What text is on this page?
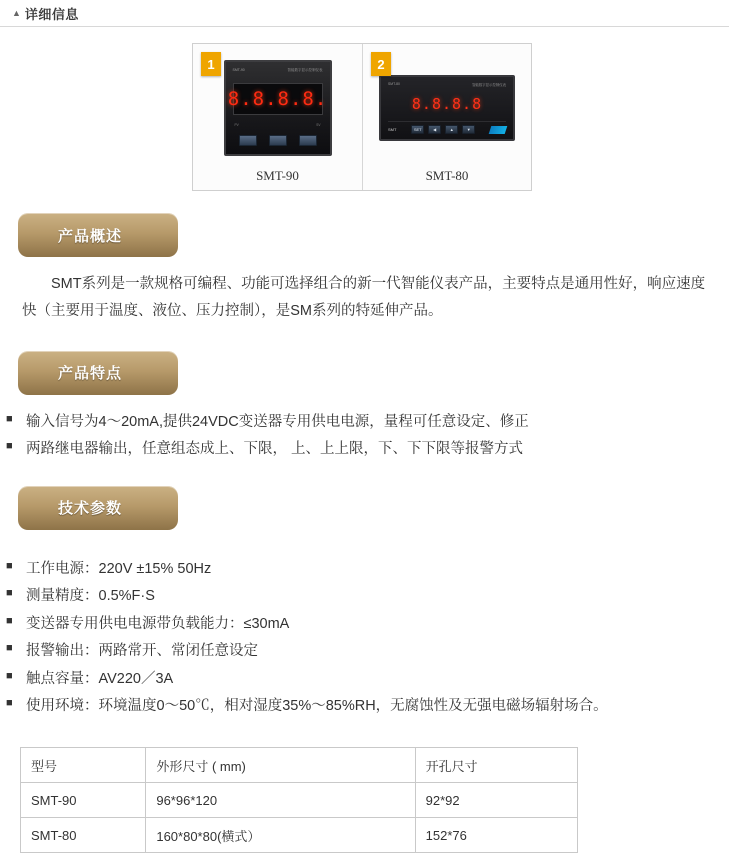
▲ 详细信息
1	2
SMT-90	智能数字显示控制仪表
8.8.8.8.
PV	SV
SMT-90
SMT-80	智能数字显示控制仪表
8.8.8.8
SMT	SET	◀	▲	▼
SMT-80
产品概述

SMT系列是一款规格可编程、功能可选择组合的新一代智能仪表产品，主要特点是通用性好，响应速度快（主要用于温度、液位、压力控制），是SM系列的特延伸产品。

产品特点
■ 输入信号为4～20mA,提供24VDC变送器专用供电电源，量程可任意设定、修正
■ 两路继电器输出，任意组态成上、下限， 上、上上限，下、下下限等报警方式
技术参数
■ 工作电源：220V ±15% 50Hz
■ 测量精度：0.5%F·S
■ 变送器专用供电电源带负载能力：≤30mA
■ 报警输出：两路常开、常闭任意设定
■ 触点容量：AV220／3A
■ 使用环境：环境温度0～50℃，相对湿度35%～85%RH，无腐蚀性及无强电磁场辐射场合。
型号	外形尺寸 ( mm)	开孔尺寸
SMT-90	96*96*120	92*92
SMT-80	160*80*80(横式）	152*76
